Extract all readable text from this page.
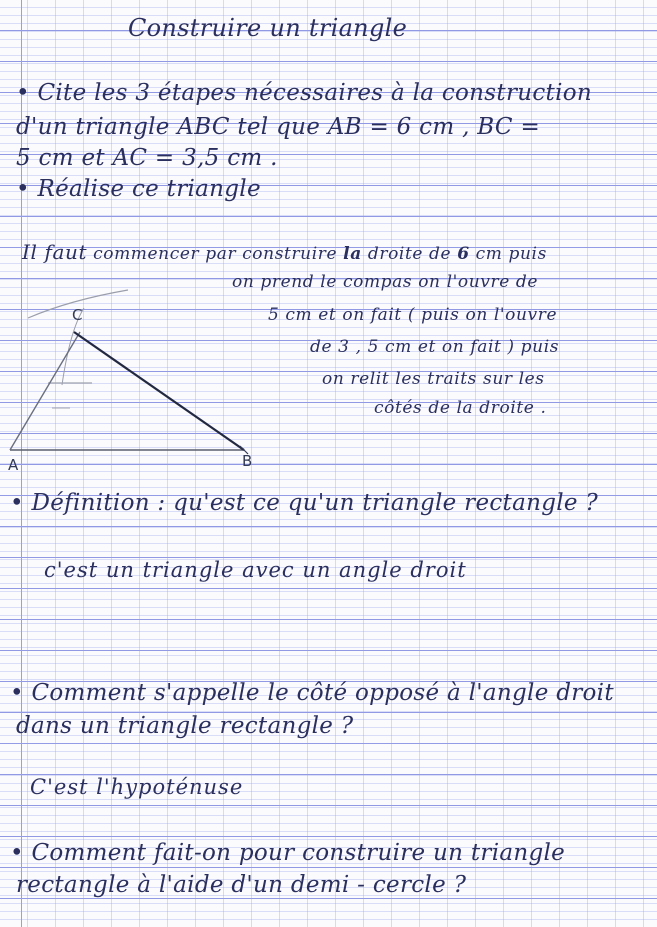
Construire un triangle

• Cite les 3 étapes nécessaires à la construction

d'un triangle ABC tel que AB = 6 cm , BC =

5 cm et AC = 3,5 cm .

• Réalise ce triangle

Il faut commencer par construire la droite de 6 cm puis

on prend le compas on l'ouvre de

5 cm et on fait ( puis on l'ouvre

de 3 , 5 cm et on fait ) puis

on relit les traits sur les

côtés de la droite .

A	B
C

• Définition : qu'est ce qu'un triangle rectangle ?

c'est un triangle avec un angle droit

• Comment s'appelle le côté opposé à l'angle droit

dans un triangle rectangle ?

C'est l'hypoténuse

• Comment fait-on pour construire un triangle

rectangle à l'aide d'un demi - cercle ?
